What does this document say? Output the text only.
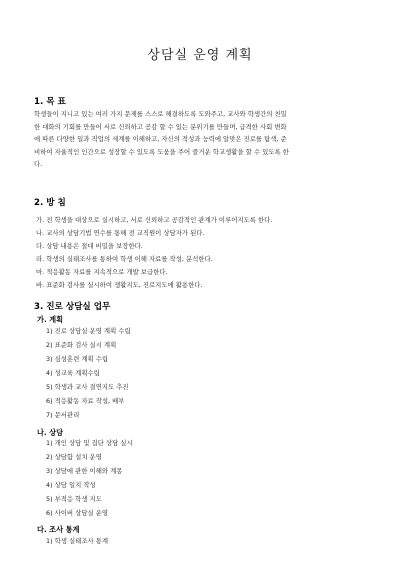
상담실 운영 계획
1. 목 표
학생들이 지니고 있는 여러 가지 문제를 스스로 해결하도록 도와주고, 교사와 학생간의 친밀
한 대화의 기회를 만들어 서로 신뢰하고 공감 할 수 있는 분위기를 만들며, 급격한 사회 변화
에 따른 다양한 일과 직업의 세계를 이해하고, 자신의 적성과 능력에 알맞은 진로를 탐색, 준
비하여 자율적인 인간으로 성장할 수 있도록 도움을 주어 즐거운 학교생활을 할 수 있도록 한
다.
2. 방 침
가. 전 학생을 대상으로 실시하고, 서로 신뢰하고 공감적인 관계가 이루어지도록 한다.
나. 교사의 상담기법 연수를 통해 전 교직원이 상담자가 된다.
다. 상담 내용은 절대 비밀을 보장한다.
라. 학생의 실태조사를 통하여 학생 이해 자료를 작성, 분석한다.
마. 적응활동 자료를 지속적으로 개발 보급한다.
바. 표준화 검사를 실시하여 생활지도, 진로지도에 활용한다.
3. 진로 상담실 업무
가. 계획
1) 진로 상담실 운영 계획 수립
2) 표준화 검사 실시 계획
3) 심성훈련 계획 수립
4) 성교육 계획수립
5) 학생과 교사 결연지도 추진
6) 적응활동 자료 작성, 배부
7) 문서관리
나. 상담
1) 개인 상담 및 집단 상담 실시
2) 상담함 설치 운영
3) 상담에 관한 이해와 계몽
4) 상담 일지 작성
5) 부적응 학생 지도
6) 사이버 상담실 운영
다. 조사 통계
1) 학생 실태조사 통계
